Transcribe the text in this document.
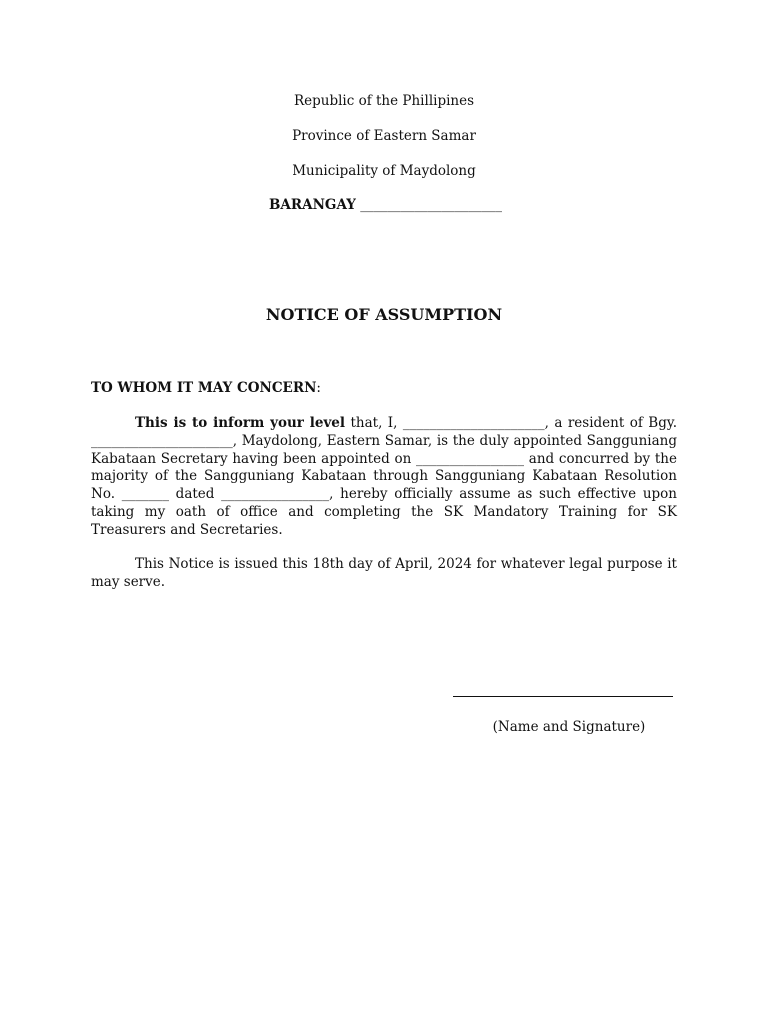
Republic of the Phillipines
Province of Eastern Samar
Municipality of Maydolong
BARANGAY _____________________
NOTICE OF ASSUMPTION
TO WHOM IT MAY CONCERN:

This is to inform your level that, I, _____________________, a resident of Bgy. _____________________, Maydolong, Eastern Samar, is the duly appointed Sangguniang Kabataan Secretary having been appointed on ________________ and concurred by the majority of the Sangguniang Kabataan through Sangguniang Kabataan Resolution No. _______ dated ________________, hereby officially assume as such effective upon taking my oath of office and completing the SK Mandatory Training for SK Treasurers and Secretaries.

This Notice is issued this 18th day of April, 2024 for whatever legal purpose it may serve.

(Name and Signature)
